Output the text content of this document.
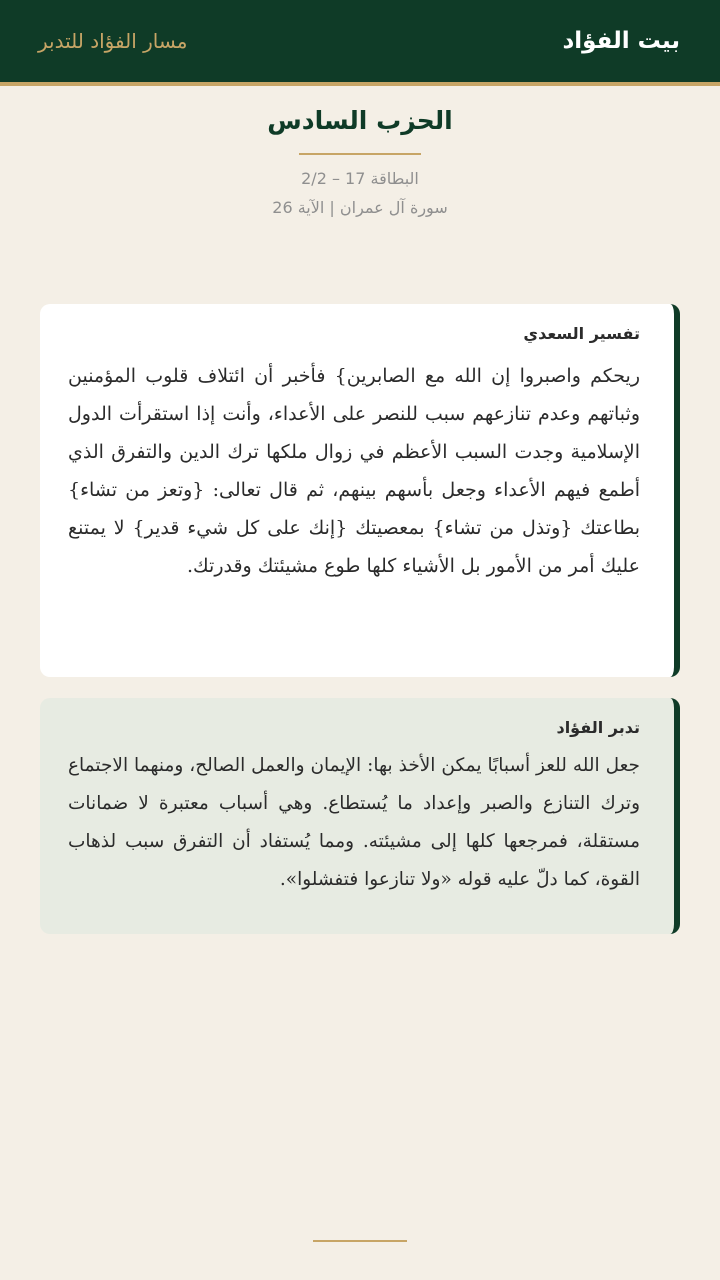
بيت الفؤاد
مسار الفؤاد للتدبر
الحزب السادس
البطاقة 17 – 2/2
سورة آل عمران | الآية 26
تفسير السعدي

ريحكم واصبروا إن الله مع الصابرين} فأخبر أن ائتلاف قلوب المؤمنين وثباتهم وعدم تنازعهم سبب للنصر على الأعداء، وأنت إذا استقرأت الدول الإسلامية وجدت السبب الأعظم في زوال ملكها ترك الدين والتفرق الذي أطمع فيهم الأعداء وجعل بأسهم بينهم، ثم قال تعالى: {وتعز من تشاء} بطاعتك {وتذل من تشاء} بمعصيتك {إنك على كل شيء قدير} لا يمتنع عليك أمر من الأمور بل الأشياء كلها طوع مشيئتك وقدرتك.

تدبر الفؤاد

جعل الله للعز أسبابًا يمكن الأخذ بها: الإيمان والعمل الصالح، ومنهما الاجتماع وترك التنازع والصبر وإعداد ما يُستطاع. وهي أسباب معتبرة لا ضمانات مستقلة، فمرجعها كلها إلى مشيئته. ومما يُستفاد أن التفرق سبب لذهاب القوة، كما دلّ عليه قوله «ولا تنازعوا فتفشلوا».
